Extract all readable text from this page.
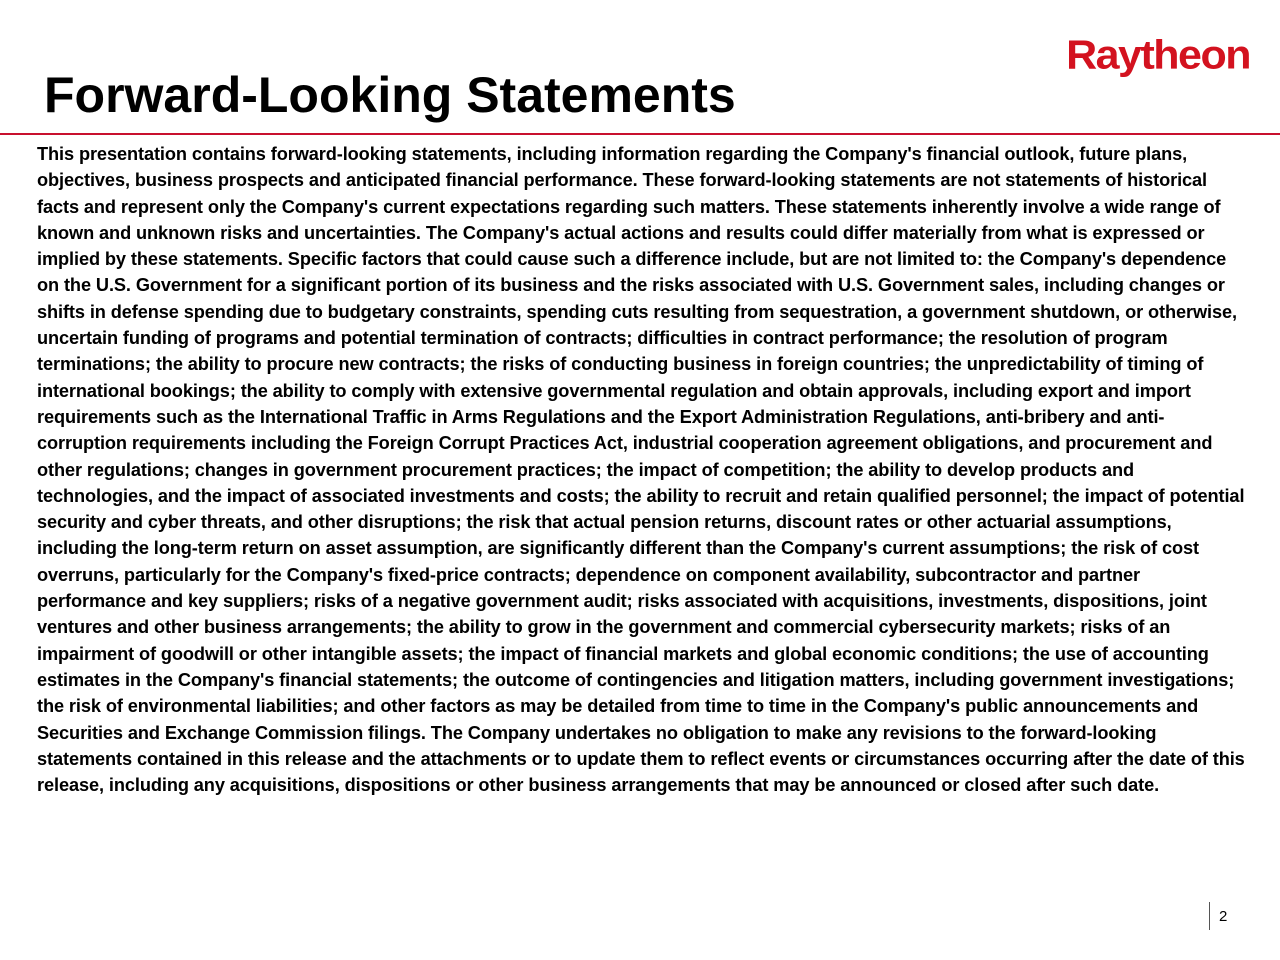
Raytheon
Forward-Looking Statements

This presentation contains forward-looking statements, including information regarding the Company's financial outlook, future plans, objectives, business prospects and anticipated financial performance. These forward-looking statements are not statements of historical facts and represent only the Company's current expectations regarding such matters. These statements inherently involve a wide range of known and unknown risks and uncertainties. The Company's actual actions and results could differ materially from what is expressed or implied by these statements. Specific factors that could cause such a difference include, but are not limited to: the Company's dependence on the U.S. Government for a significant portion of its business and the risks associated with U.S. Government sales, including changes or shifts in defense spending due to budgetary constraints, spending cuts resulting from sequestration, a government shutdown, or otherwise, uncertain funding of programs and potential termination of contracts; difficulties in contract performance; the resolution of program terminations; the ability to procure new contracts; the risks of conducting business in foreign countries; the unpredictability of timing of international bookings; the ability to comply with extensive governmental regulation and obtain approvals, including export and import requirements such as the International Traffic in Arms Regulations and the Export Administration Regulations, anti-bribery and anti-corruption requirements including the Foreign Corrupt Practices Act, industrial cooperation agreement obligations, and procurement and other regulations; changes in government procurement practices; the impact of competition; the ability to develop products and technologies, and the impact of associated investments and costs; the ability to recruit and retain qualified personnel; the impact of potential security and cyber threats, and other disruptions; the risk that actual pension returns, discount rates or other actuarial assumptions, including the long-term return on asset assumption, are significantly different than the Company's current assumptions; the risk of cost overruns, particularly for the Company's fixed-price contracts; dependence on component availability, subcontractor and partner performance and key suppliers; risks of a negative government audit; risks associated with acquisitions, investments, dispositions, joint ventures and other business arrangements; the ability to grow in the government and commercial cybersecurity markets; risks of an impairment of goodwill or other intangible assets; the impact of financial markets and global economic conditions; the use of accounting estimates in the Company's financial statements; the outcome of contingencies and litigation matters, including government investigations; the risk of environmental liabilities; and other factors as may be detailed from time to time in the Company's public announcements and Securities and Exchange Commission filings. The Company undertakes no obligation to make any revisions to the forward-looking statements contained in this release and the attachments or to update them to reflect events or circumstances occurring after the date of this release, including any acquisitions, dispositions or other business arrangements that may be announced or closed after such date.

2
